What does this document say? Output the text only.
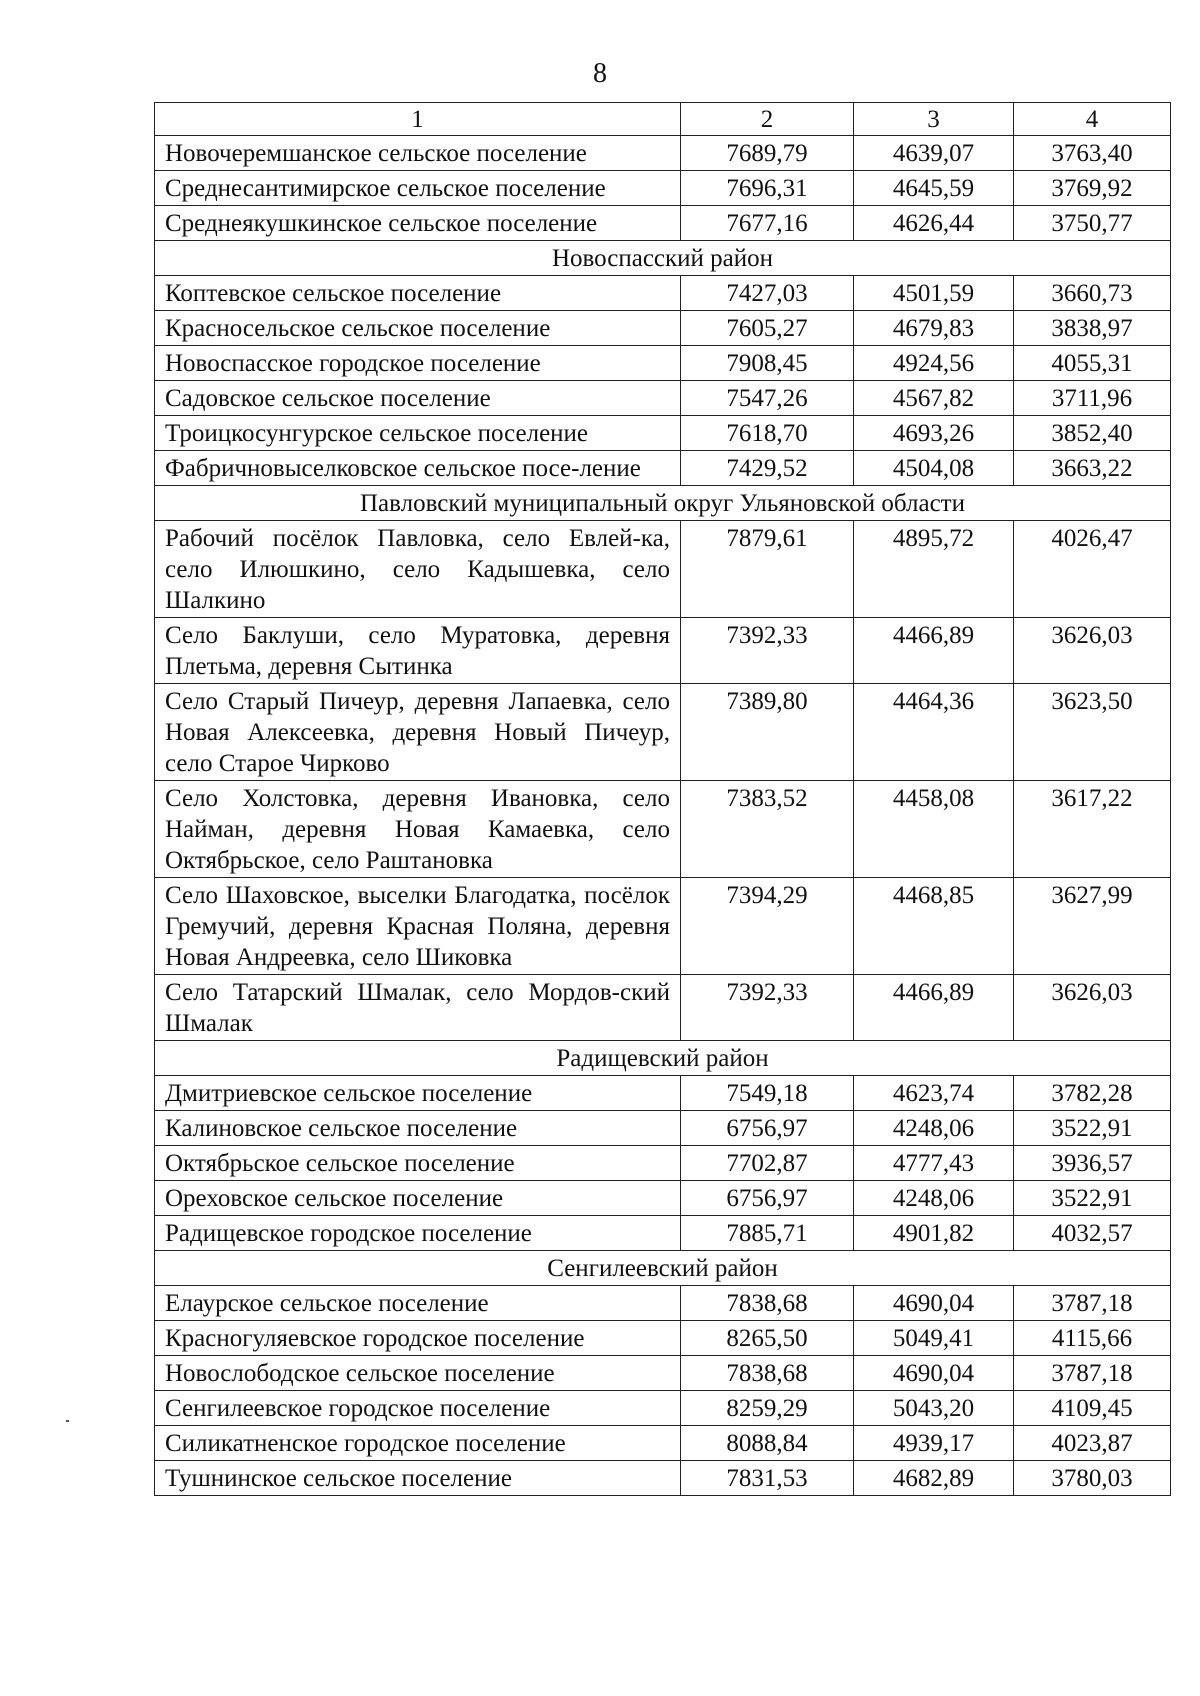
8
1	2	3	4
Новочеремшанское сельское поселение	7689,79	4639,07	3763,40
Среднесантимирское сельское поселение	7696,31	4645,59	3769,92
Среднеякушкинское сельское поселение	7677,16	4626,44	3750,77
Новоспасский район			
Коптевское сельское поселение	7427,03	4501,59	3660,73
Красносельское сельское поселение	7605,27	4679,83	3838,97
Новоспасское городское поселение	7908,45	4924,56	4055,31
Садовское сельское поселение	7547,26	4567,82	3711,96
Троицкосунгурское сельское поселение	7618,70	4693,26	3852,40
Фабричновыселковское сельское посе-ление	7429,52	4504,08	3663,22
Павловский муниципальный округ Ульяновской области			
Рабочий посёлок Павловка, село Евлей-ка, село Илюшкино, село Кадышевка, село Шалкино	7879,61	4895,72	4026,47
Село Баклуши, село Муратовка, деревня Плетьма, деревня Сытинка	7392,33	4466,89	3626,03
Село Старый Пичеур, деревня Лапаевка, село Новая Алексеевка, деревня Новый Пичеур, село Старое Чирково	7389,80	4464,36	3623,50
Село Холстовка, деревня Ивановка, село Найман, деревня Новая Камаевка, село Октябрьское, село Раштановка	7383,52	4458,08	3617,22
Село Шаховское, выселки Благодатка, посёлок Гремучий, деревня Красная Поляна, деревня Новая Андреевка, село Шиковка	7394,29	4468,85	3627,99
Село Татарский Шмалак, село Мордов-ский Шмалак	7392,33	4466,89	3626,03
Радищевский район			
Дмитриевское сельское поселение	7549,18	4623,74	3782,28
Калиновское сельское поселение	6756,97	4248,06	3522,91
Октябрьское сельское поселение	7702,87	4777,43	3936,57
Ореховское сельское поселение	6756,97	4248,06	3522,91
Радищевское городское поселение	7885,71	4901,82	4032,57
Сенгилеевский район			
Елаурское сельское поселение	7838,68	4690,04	3787,18
Красногуляевское городское поселение	8265,50	5049,41	4115,66
Новослободское сельское поселение	7838,68	4690,04	3787,18
Сенгилеевское городское поселение	8259,29	5043,20	4109,45
Силикатненское городское поселение	8088,84	4939,17	4023,87
Тушнинское сельское поселение	7831,53	4682,89	3780,03
